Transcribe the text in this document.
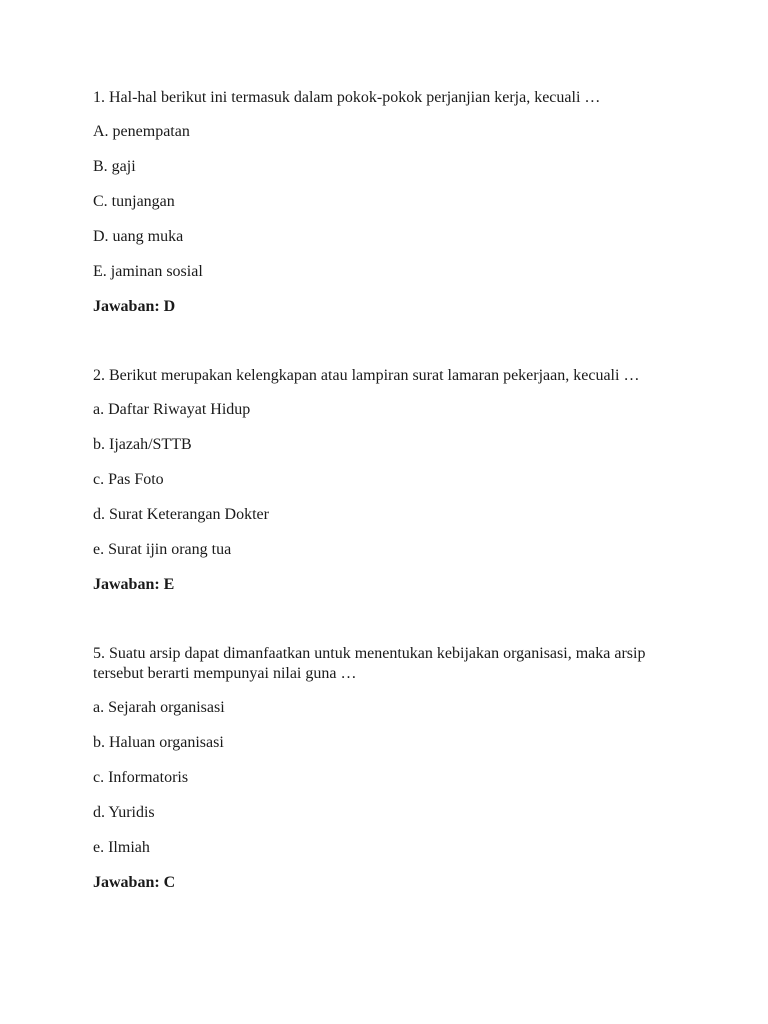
1. Hal-hal berikut ini termasuk dalam pokok-pokok perjanjian kerja, kecuali …

A. penempatan
B. gaji
C. tunjangan
D. uang muka
E. jaminan sosial
Jawaban: D

2. Berikut merupakan kelengkapan atau lampiran surat lamaran pekerjaan, kecuali …

a. Daftar Riwayat Hidup
b. Ijazah/STTB
c. Pas Foto
d. Surat Keterangan Dokter
e. Surat ijin orang tua
Jawaban: E

5. Suatu arsip dapat dimanfaatkan untuk menentukan kebijakan organisasi, maka arsip tersebut berarti mempunyai nilai guna …

a. Sejarah organisasi
b. Haluan organisasi
c. Informatoris
d. Yuridis
e. Ilmiah
Jawaban: C
